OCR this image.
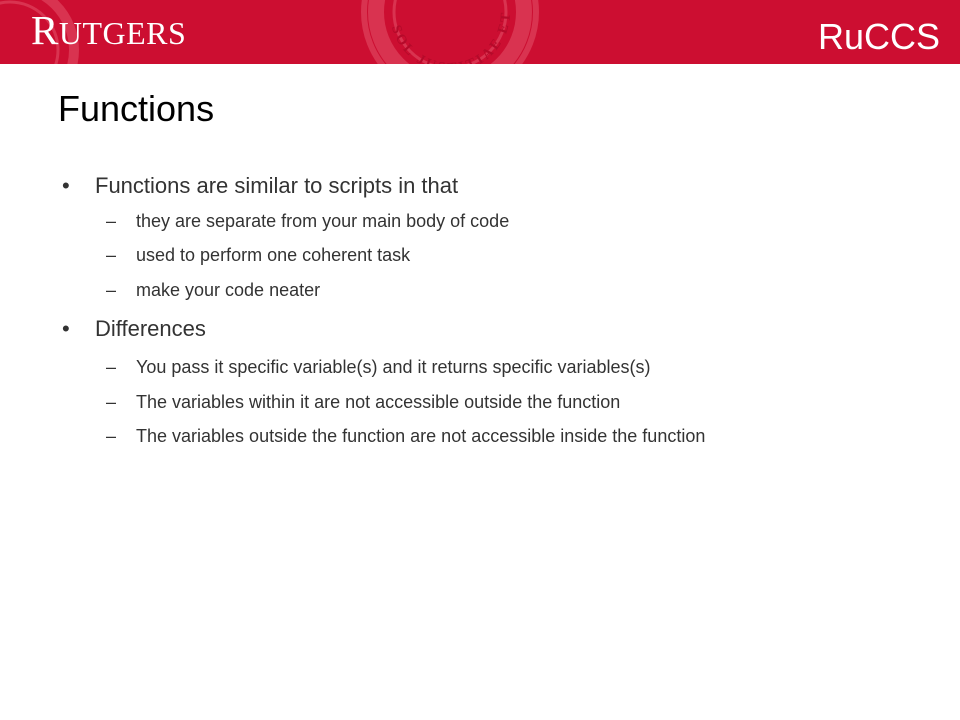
SOL JUSTITIAE ET
RUTGERS	RuCCS
Functions
• Functions are similar to scripts in that
– they are separate from your main body of code
– used to perform one coherent task
– make your code neater
• Differences
– You pass it specific variable(s) and it returns specific variables(s)
– The variables within it are not accessible outside the function
– The variables outside the function are not accessible inside the function
